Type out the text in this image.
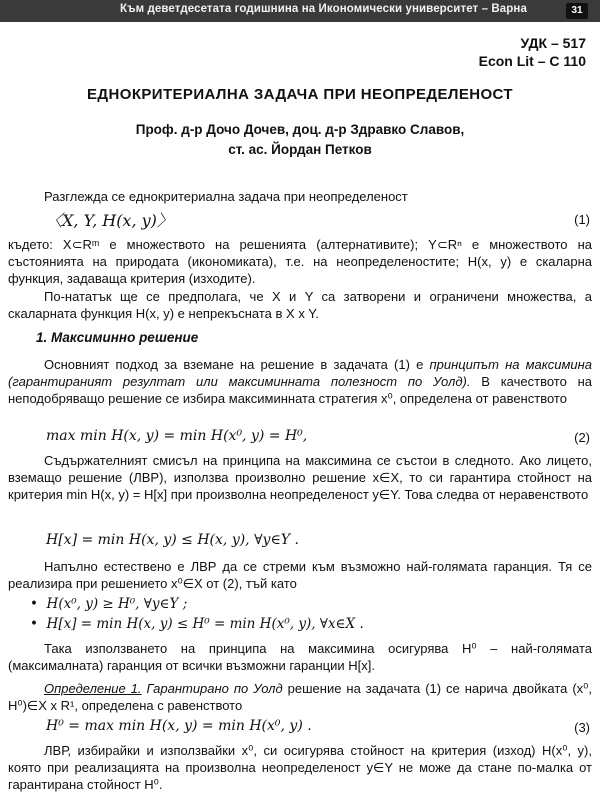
Към деветдесетата годишнина на Икономически университет – Варна	31
УДК – 517
Econ Lit – C 110
ЕДНОКРИТЕРИАЛНА ЗАДАЧА ПРИ НЕОПРЕДЕЛЕНОСТ
Проф. д-р Дочо Дочев, доц. д-р Здравко Славов,
ст. ас. Йордан Петков
Разглежда се еднокритериална задача при неопределеност
〈X, Y, H(x, y)〉	(1)
където: X⊂Rᵐ е множеството на решенията (алтернативите); Y⊂Rⁿ е множеството на състоянията на природата (икономиката), т.е. на неопределеностите; H(x, y) е скаларна функция, задаваща критерия (изходите).
По-нататък ще се предполага, че X и Y са затворени и ограничени множества, а скаларната функция H(x, y) е непрекъсната в X x Y.
1. Максиминно решение
Основният подход за вземане на решение в задачата (1) е принципът на максимина (гарантираният резултат или максиминната полезност по Уолд). В качеството на неподобряващо решение се избира максиминната стратегия x⁰, определена от равенството
max min H(x, y) = min H(x⁰, y) = H⁰,	(2)
Съдържателният смисъл на принципа на максимина се състои в следното. Ако лицето, вземащо решение (ЛВР), използва произволно решение x∈X, то си гарантира стойност на критерия min H(x, y) = H[x] при произволна неопределеност y∈Y. Това следва от неравенството
H[x] = min H(x, y) ≤ H(x, y), ∀y∈Y .
Напълно естествено е ЛВР да се стреми към възможно най-голямата гаранция. Тя се реализира при решението x⁰∈X от (2), тъй като
•  H(x⁰, y) ≥ H⁰, ∀y∈Y ;
•  H[x] = min H(x, y) ≤ H⁰ = min H(x⁰, y), ∀x∈X .
Така използването на принципа на максимина осигурява H⁰ – най-голямата (максималната) гаранция от всички възможни гаранции H[x].
Определение 1. Гарантирано по Уолд решение на задачата (1) се нарича двойката (x⁰, H⁰)∈X x R¹, определена с равенството
H⁰ = max min H(x, y) = min H(x⁰, y) .	(3)
ЛВР, избирайки и използвайки x⁰, си осигурява стойност на критерия (изход) H(x⁰, y), която при реализацията на произволна неопределеност y∈Y не може да стане по-малка от гарантирана стойност H⁰.
